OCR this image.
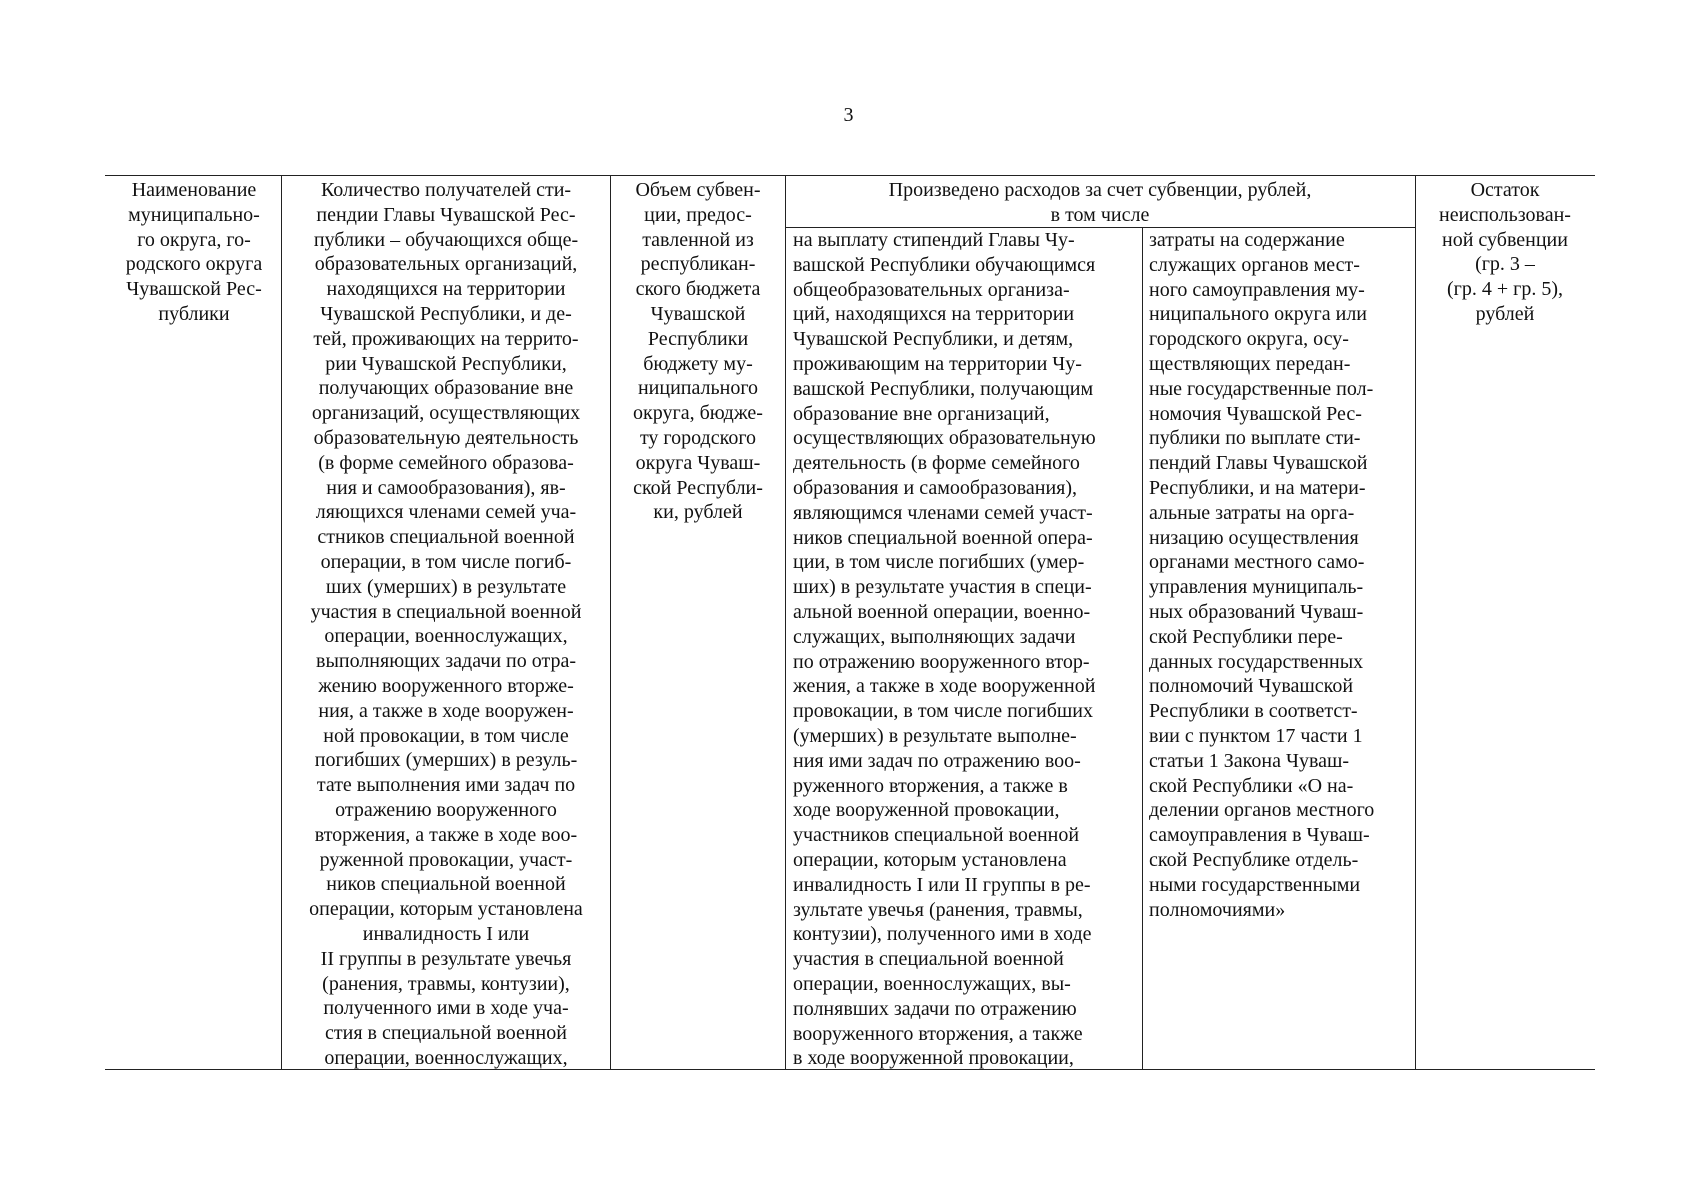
3
Наименование
муниципально-
го округа, го-
родского округа
Чувашской Рес-
публики
Количество получателей сти-
пендии Главы Чувашской Рес-
публики – обучающихся обще-
образовательных организаций,
находящихся на территории
Чувашской Республики, и де-
тей, проживающих на террито-
рии Чувашской Республики,
получающих образование вне
организаций, осуществляющих
образовательную деятельность
(в форме семейного образова-
ния и самообразования), яв-
ляющихся членами семей уча-
стников специальной военной
операции, в том числе погиб-
ших (умерших) в результате
участия в специальной военной
операции, военнослужащих,
выполняющих задачи по отра-
жению вооруженного вторже-
ния, а также в ходе вооружен-
ной провокации, в том числе
погибших (умерших) в резуль-
тате выполнения ими задач по
отражению вооруженного
вторжения, а также в ходе воо-
руженной провокации, участ-
ников специальной военной
операции, которым установлена
инвалидность I или
II группы в результате увечья
(ранения, травмы, контузии),
полученного ими в ходе уча-
стия в специальной военной
операции, военнослужащих,
Объем субвен-
ции, предос-
тавленной из
республикан-
ского бюджета
Чувашской
Республики
бюджету му-
ниципального
округа, бюдже-
ту городского
округа Чуваш-
ской Республи-
ки, рублей
Произведено расходов за счет субвенции, рублей,
в том числе
на выплату стипендий Главы Чу-
вашской Республики обучающимся
общеобразовательных организа-
ций, находящихся на территории
Чувашской Республики, и детям,
проживающим на территории Чу-
вашской Республики, получающим
образование вне организаций,
осуществляющих образовательную
деятельность (в форме семейного
образования и самообразования),
являющимся членами семей участ-
ников специальной военной опера-
ции, в том числе погибших (умер-
ших) в результате участия в специ-
альной военной операции, военно-
служащих, выполняющих задачи
по отражению вооруженного втор-
жения, а также в ходе вооруженной
провокации, в том числе погибших
(умерших) в результате выполне-
ния ими задач по отражению воо-
руженного вторжения, а также в
ходе вооруженной провокации,
участников специальной военной
операции, которым установлена
инвалидность I или II группы в ре-
зультате увечья (ранения, травмы,
контузии), полученного ими в ходе
участия в специальной военной
операции, военнослужащих, вы-
полнявших задачи по отражению
вооруженного вторжения, а также
в ходе вооруженной провокации,
затраты на содержание
служащих органов мест-
ного самоуправления му-
ниципального округа или
городского округа, осу-
ществляющих передан-
ные государственные пол-
номочия Чувашской Рес-
публики по выплате сти-
пендий Главы Чувашской
Республики, и на матери-
альные затраты на орга-
низацию осуществления
органами местного само-
управления муниципаль-
ных образований Чуваш-
ской Республики пере-
данных государственных
полномочий Чувашской
Республики в соответст-
вии с пунктом 17 части 1
статьи 1 Закона Чуваш-
ской Республики «О на-
делении органов местного
самоуправления в Чуваш-
ской Республике отдель-
ными государственными
полномочиями»
Остаток
неиспользован-
ной субвенции
(гр. 3 –
(гр. 4 + гр. 5),
рублей
